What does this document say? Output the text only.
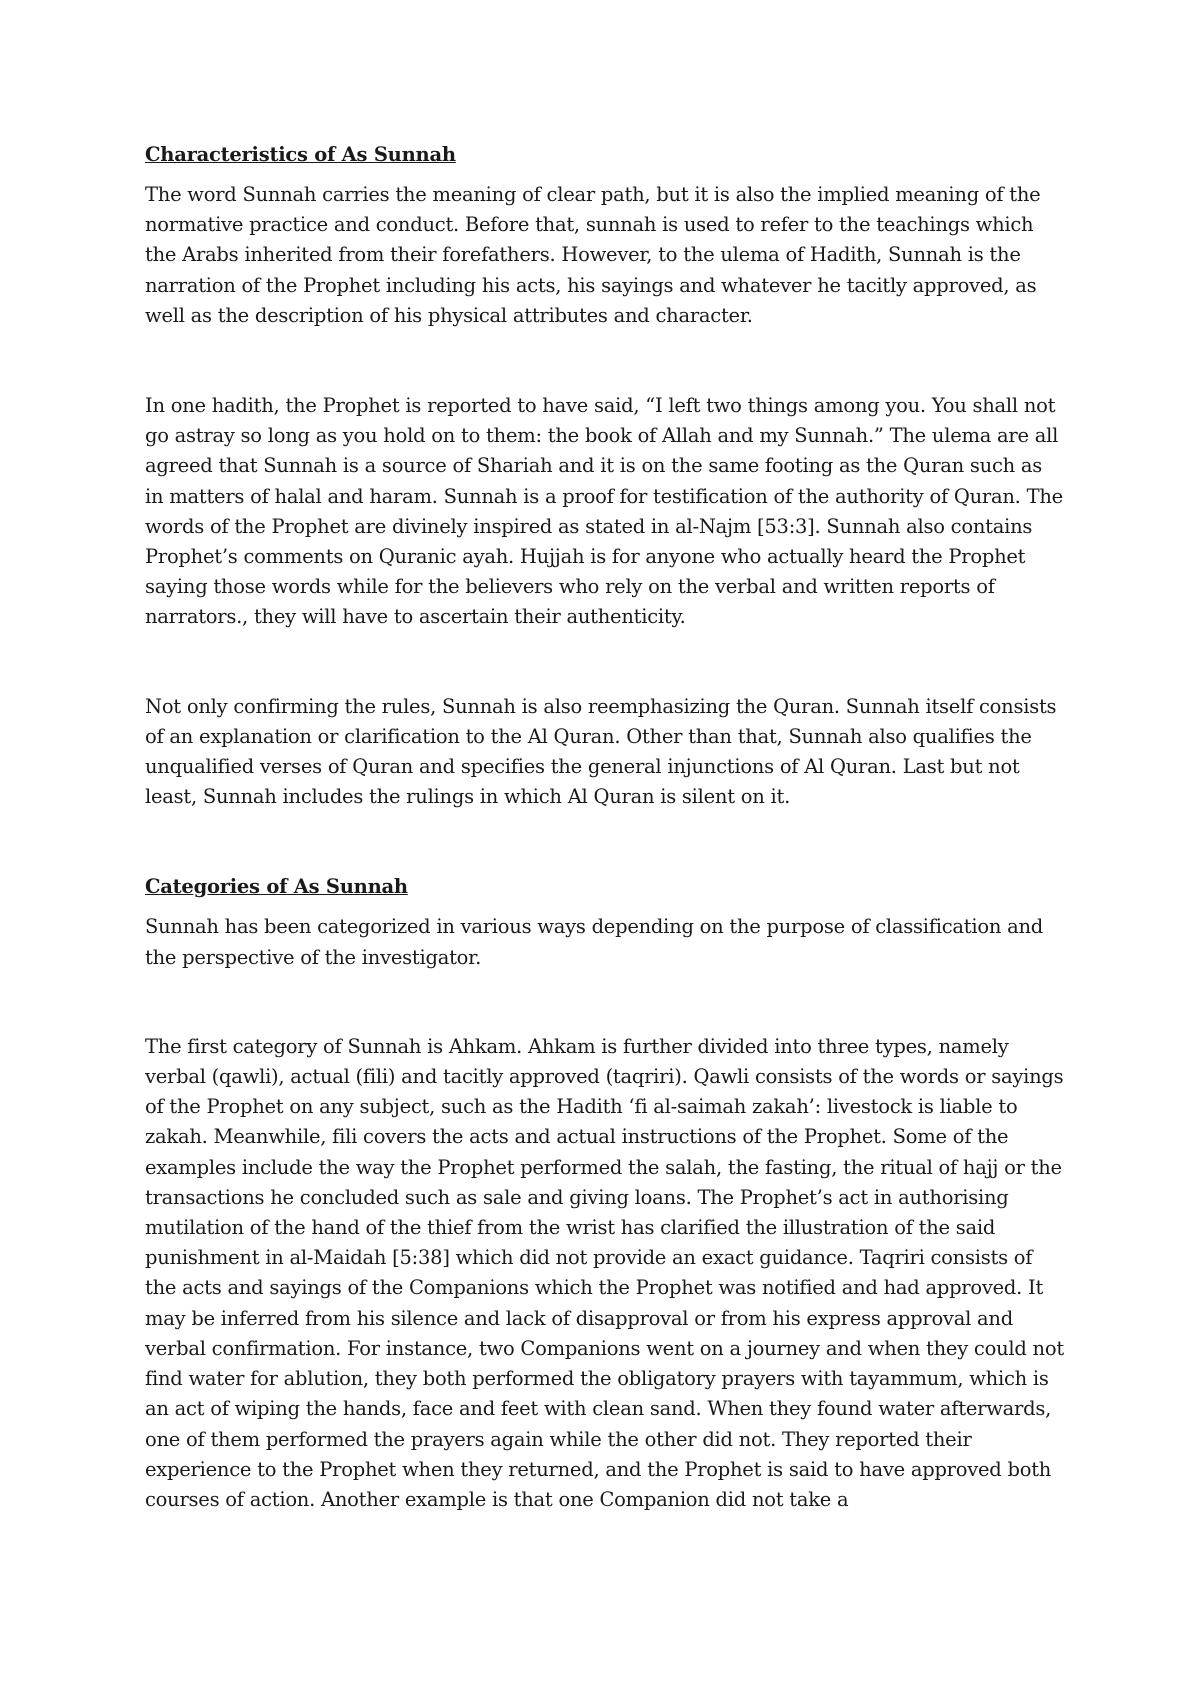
Characteristics of As Sunnah

The word Sunnah carries the meaning of clear path, but it is also the implied meaning of the normative practice and conduct. Before that, sunnah is used to refer to the teachings which the Arabs inherited from their forefathers. However, to the ulema of Hadith, Sunnah is the narration of the Prophet including his acts, his sayings and whatever he tacitly approved, as well as the description of his physical attributes and character.

In one hadith, the Prophet is reported to have said, “I left two things among you. You shall not go astray so long as you hold on to them: the book of Allah and my Sunnah.” The ulema are all agreed that Sunnah is a source of Shariah and it is on the same footing as the Quran such as in matters of halal and haram. Sunnah is a proof for testification of the authority of Quran. The words of the Prophet are divinely inspired as stated in al-Najm [53:3]. Sunnah also contains Prophet’s comments on Quranic ayah. Hujjah is for anyone who actually heard the Prophet saying those words while for the believers who rely on the verbal and written reports of narrators., they will have to ascertain their authenticity.

Not only confirming the rules, Sunnah is also reemphasizing the Quran. Sunnah itself consists of an explanation or clarification to the Al Quran. Other than that, Sunnah also qualifies the unqualified verses of Quran and specifies the general injunctions of Al Quran. Last but not least, Sunnah includes the rulings in which Al Quran is silent on it.

Categories of As Sunnah

Sunnah has been categorized in various ways depending on the purpose of classification and the perspective of the investigator.

The first category of Sunnah is Ahkam. Ahkam is further divided into three types, namely verbal (qawli), actual (fili) and tacitly approved (taqriri). Qawli consists of the words or sayings of the Prophet on any subject, such as the Hadith ‘fi al-saimah zakah’: livestock is liable to zakah. Meanwhile, fili covers the acts and actual instructions of the Prophet. Some of the examples include the way the Prophet performed the salah, the fasting, the ritual of hajj or the transactions he concluded such as sale and giving loans. The Prophet’s act in authorising mutilation of the hand of the thief from the wrist has clarified the illustration of the said punishment in al-Maidah [5:38] which did not provide an exact guidance. Taqriri consists of the acts and sayings of the Companions which the Prophet was notified and had approved. It may be inferred from his silence and lack of disapproval or from his express approval and verbal confirmation. For instance, two Companions went on a journey and when they could not find water for ablution, they both performed the obligatory prayers with tayammum, which is an act of wiping the hands, face and feet with clean sand. When they found water afterwards, one of them performed the prayers again while the other did not. They reported their experience to the Prophet when they returned, and the Prophet is said to have approved both courses of action. Another example is that one Companion did not take a
